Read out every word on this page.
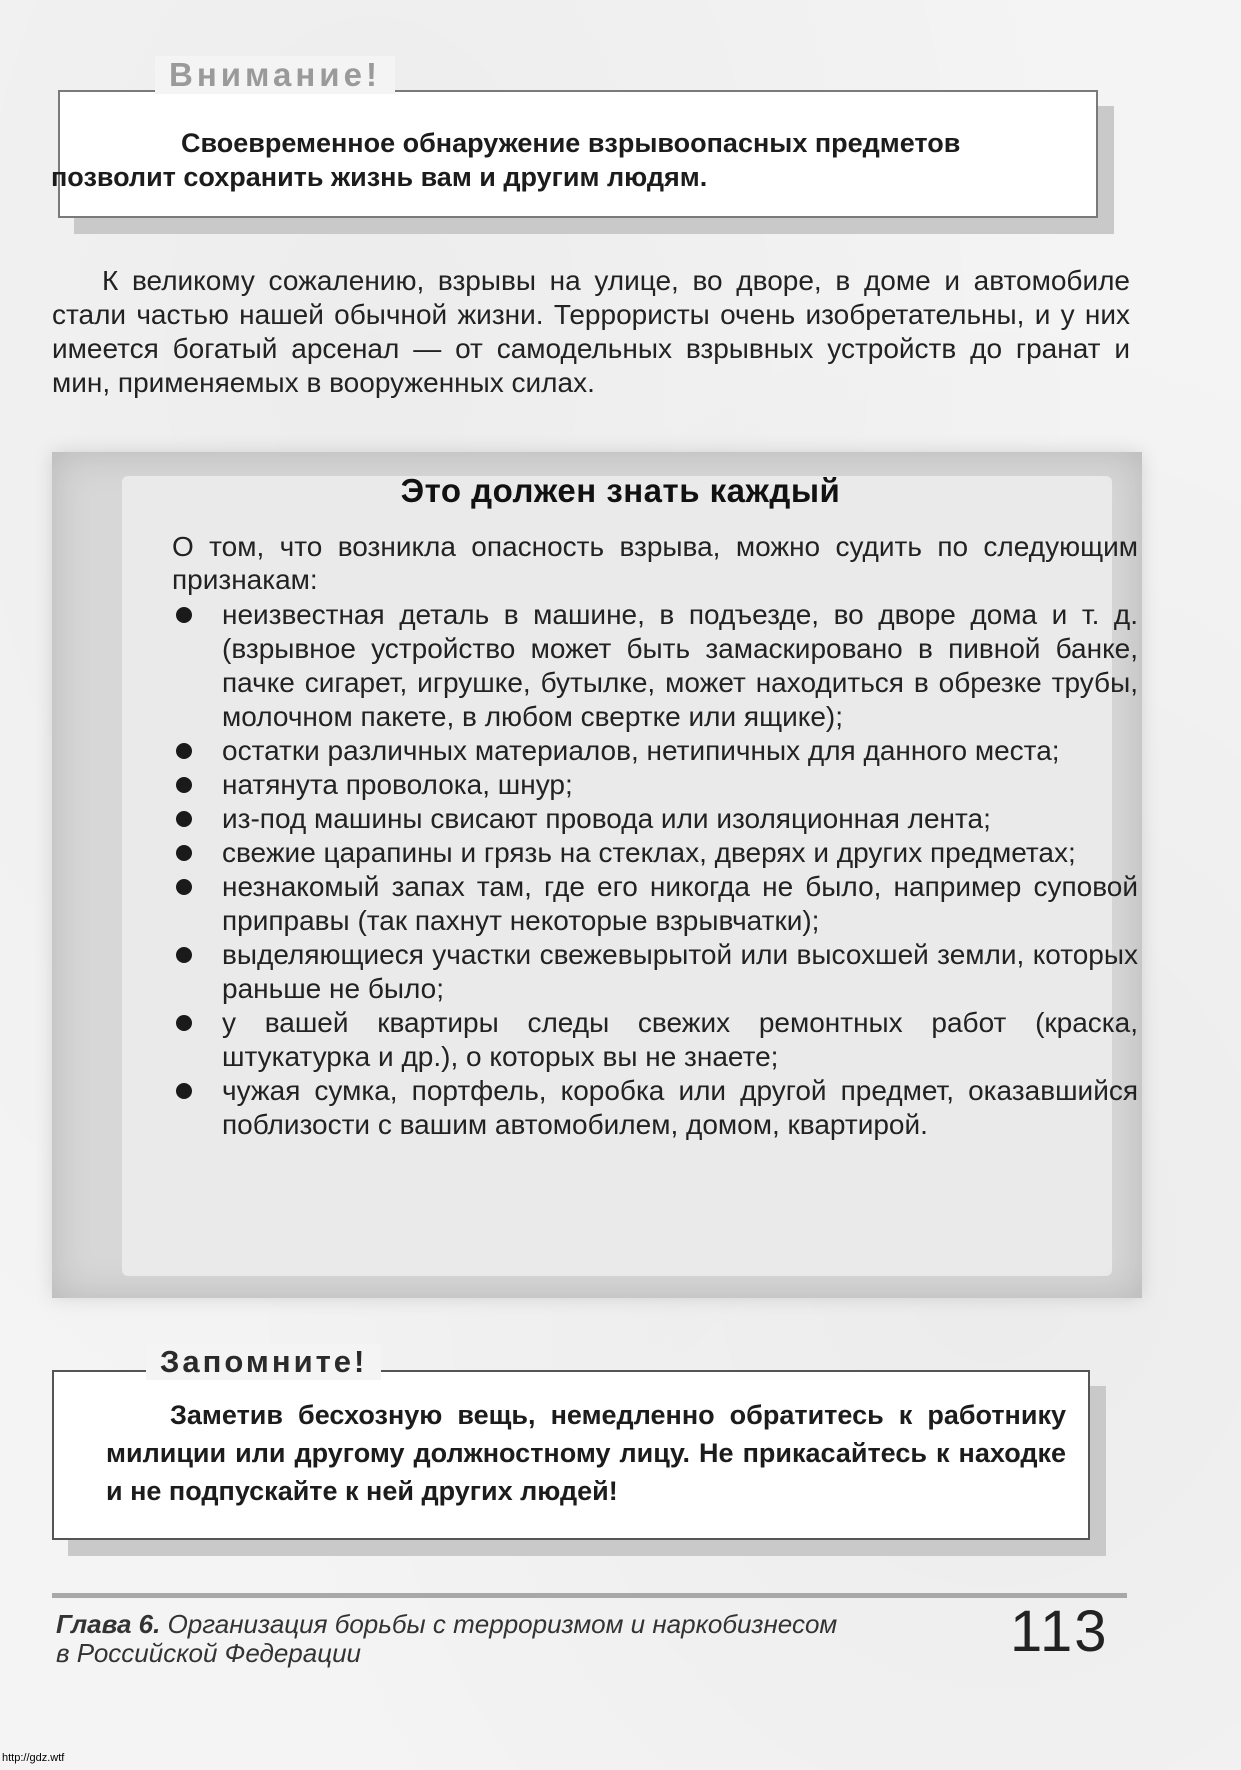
Внимание!
Своевременное обнаружение взрывоопасных предметов

позволит сохранить жизнь вам и другим людям.

К великому сожалению, взрывы на улице, во дворе, в доме и автомобиле стали частью нашей обычной жизни. Террористы очень изобретательны, и у них имеется богатый арсенал — от самодельных взрывных устройств до гранат и мин, применяемых в вооруженных силах.

Это должен знать каждый

О том, что возникла опасность взрыва, можно судить по следующим признакам:

неизвестная деталь в машине, в подъезде, во дворе дома и т. д. (взрывное устройство может быть замаскировано в пивной банке, пачке сигарет, игрушке, бутылке, может находиться в обрезке трубы, молочном пакете, в любом свертке или ящике);
остатки различных материалов, нетипичных для данного места;
натянута проволока, шнур;
из-под машины свисают провода или изоляционная лента;
свежие царапины и грязь на стеклах, дверях и других предметах;
незнакомый запах там, где его никогда не было, например суповой приправы (так пахнут некоторые взрывчатки);
выделяющиеся участки свежевырытой или высохшей земли, которых раньше не было;
у вашей квартиры следы свежих ремонтных работ (краска, штукатурка и др.), о которых вы не знаете;
чужая сумка, портфель, коробка или другой предмет, оказавшийся поблизости с вашим автомобилем, домом, квартирой.
Запомните!
Заметив бесхозную вещь, немедленно обратитесь к работнику милиции или другому должностному лицу. Не прикасайтесь к находке и не подпускайте к ней других людей!
Глава 6. Организация борьбы с терроризмом и наркобизнесом
в Российской Федерации	113
http://gdz.wtf
